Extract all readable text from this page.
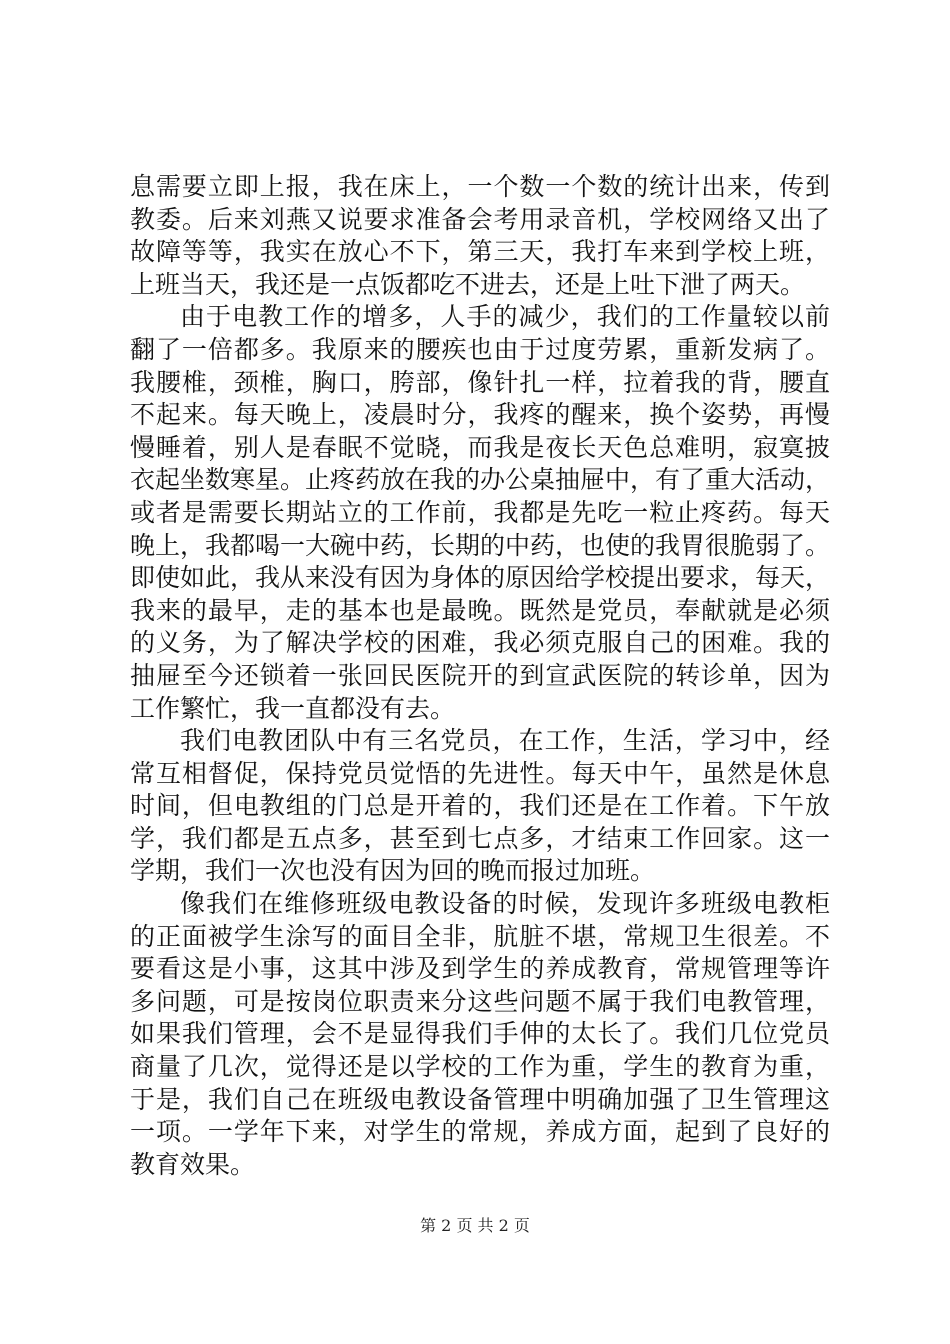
息需要立即上报，我在床上，一个数一个数的统计出来，传到
教委。后来刘燕又说要求准备会考用录音机，学校网络又出了
故障等等，我实在放心不下，第三天，我打车来到学校上班，
上班当天，我还是一点饭都吃不进去，还是上吐下泄了两天。
由于电教工作的增多，人手的减少，我们的工作量较以前
翻了一倍都多。我原来的腰疾也由于过度劳累，重新发病了。
我腰椎，颈椎，胸口，胯部，像针扎一样，拉着我的背，腰直
不起来。每天晚上，凌晨时分，我疼的醒来，换个姿势，再慢
慢睡着，别人是春眠不觉晓，而我是夜长天色总难明，寂寞披
衣起坐数寒星。止疼药放在我的办公桌抽屉中，有了重大活动，
或者是需要长期站立的工作前，我都是先吃一粒止疼药。每天
晚上，我都喝一大碗中药，长期的中药，也使的我胃很脆弱了。
即使如此，我从来没有因为身体的原因给学校提出要求，每天，
我来的最早，走的基本也是最晚。既然是党员，奉献就是必须
的义务，为了解决学校的困难，我必须克服自己的困难。我的
抽屉至今还锁着一张回民医院开的到宣武医院的转诊单，因为
工作繁忙，我一直都没有去。
我们电教团队中有三名党员，在工作，生活，学习中，经
常互相督促，保持党员觉悟的先进性。每天中午，虽然是休息
时间，但电教组的门总是开着的，我们还是在工作着。下午放
学，我们都是五点多，甚至到七点多，才结束工作回家。这一
学期，我们一次也没有因为回的晚而报过加班。
像我们在维修班级电教设备的时候，发现许多班级电教柜
的正面被学生涂写的面目全非，肮脏不堪，常规卫生很差。不
要看这是小事，这其中涉及到学生的养成教育，常规管理等许
多问题，可是按岗位职责来分这些问题不属于我们电教管理，
如果我们管理，会不是显得我们手伸的太长了。我们几位党员
商量了几次，觉得还是以学校的工作为重，学生的教育为重，
于是，我们自己在班级电教设备管理中明确加强了卫生管理这
一项。一学年下来，对学生的常规，养成方面，起到了良好的
教育效果。
第 2 页 共 2 页
